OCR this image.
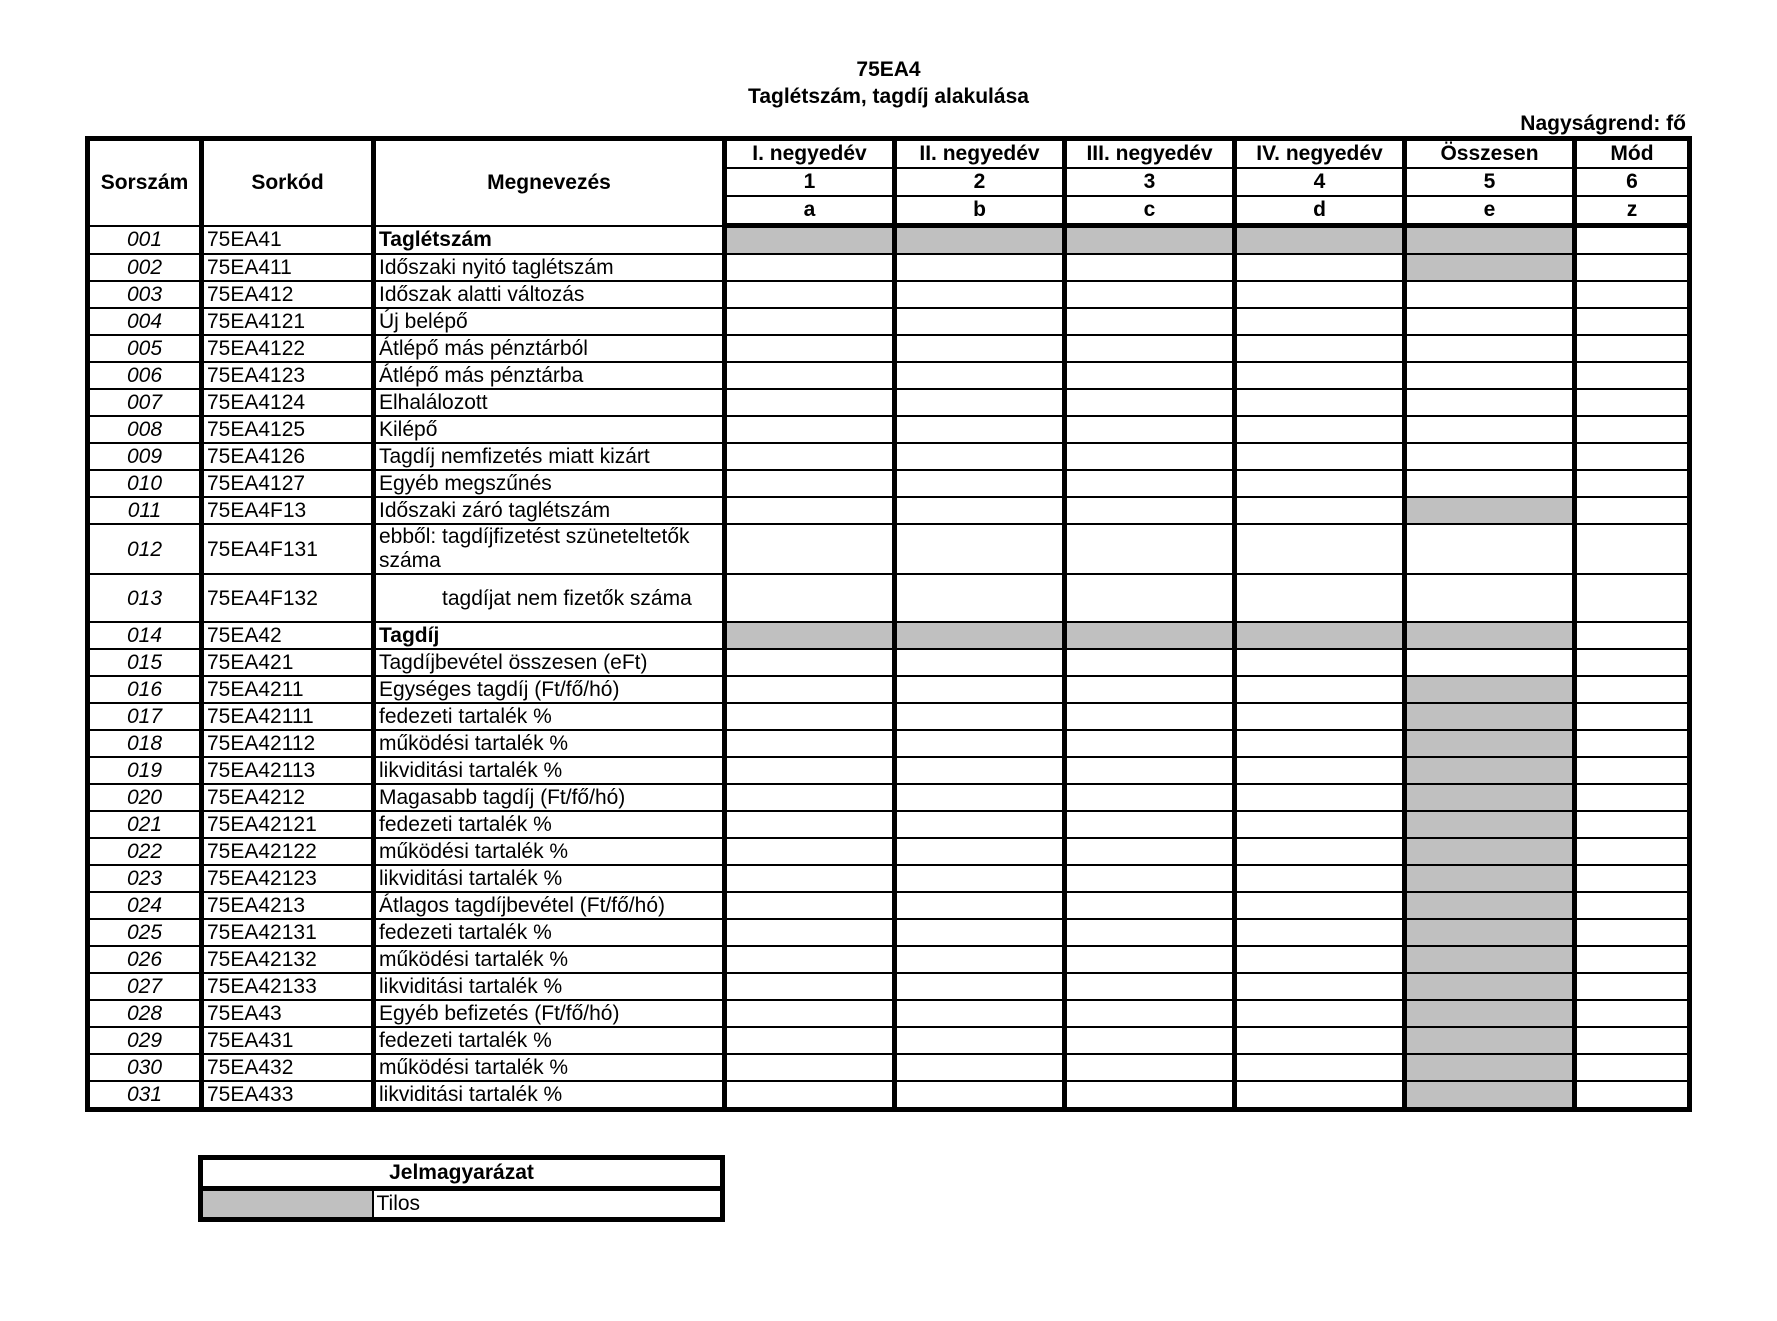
75EA4
Taglétszám, tagdíj alakulása
Nagyságrend: fő
Sorszám	Sorkód	Megnevezés	I. negyedév	II. negyedév	III. negyedév	IV. negyedév	Összesen	Mód
			1	2	3	4	5	6
			a	b	c	d	e	z
001	75EA41	Taglétszám						
002	75EA411	Időszaki nyitó taglétszám						
003	75EA412	Időszak alatti változás						
004	75EA4121	Új belépő						
005	75EA4122	Átlépő más pénztárból						
006	75EA4123	Átlépő más pénztárba						
007	75EA4124	Elhalálozott						
008	75EA4125	Kilépő						
009	75EA4126	Tagdíj nemfizetés miatt kizárt						
010	75EA4127	Egyéb megszűnés						
011	75EA4F13	Időszaki záró taglétszám						
012	75EA4F131	ebből: tagdíjfizetést szüneteltetők száma						
013	75EA4F132	tagdíjat nem fizetők száma						
014	75EA42	Tagdíj						
015	75EA421	Tagdíjbevétel összesen (eFt)						
016	75EA4211	Egységes tagdíj (Ft/fő/hó)						
017	75EA42111	fedezeti tartalék %						
018	75EA42112	működési tartalék %						
019	75EA42113	likviditási tartalék %						
020	75EA4212	Magasabb tagdíj (Ft/fő/hó)						
021	75EA42121	fedezeti tartalék %						
022	75EA42122	működési tartalék %						
023	75EA42123	likviditási tartalék %						
024	75EA4213	Átlagos tagdíjbevétel (Ft/fő/hó)						
025	75EA42131	fedezeti tartalék %						
026	75EA42132	működési tartalék %						
027	75EA42133	likviditási tartalék %						
028	75EA43	Egyéb befizetés (Ft/fő/hó)						
029	75EA431	fedezeti tartalék %						
030	75EA432	működési tartalék %						
031	75EA433	likviditási tartalék %						
Jelmagyarázat
	Tilos
